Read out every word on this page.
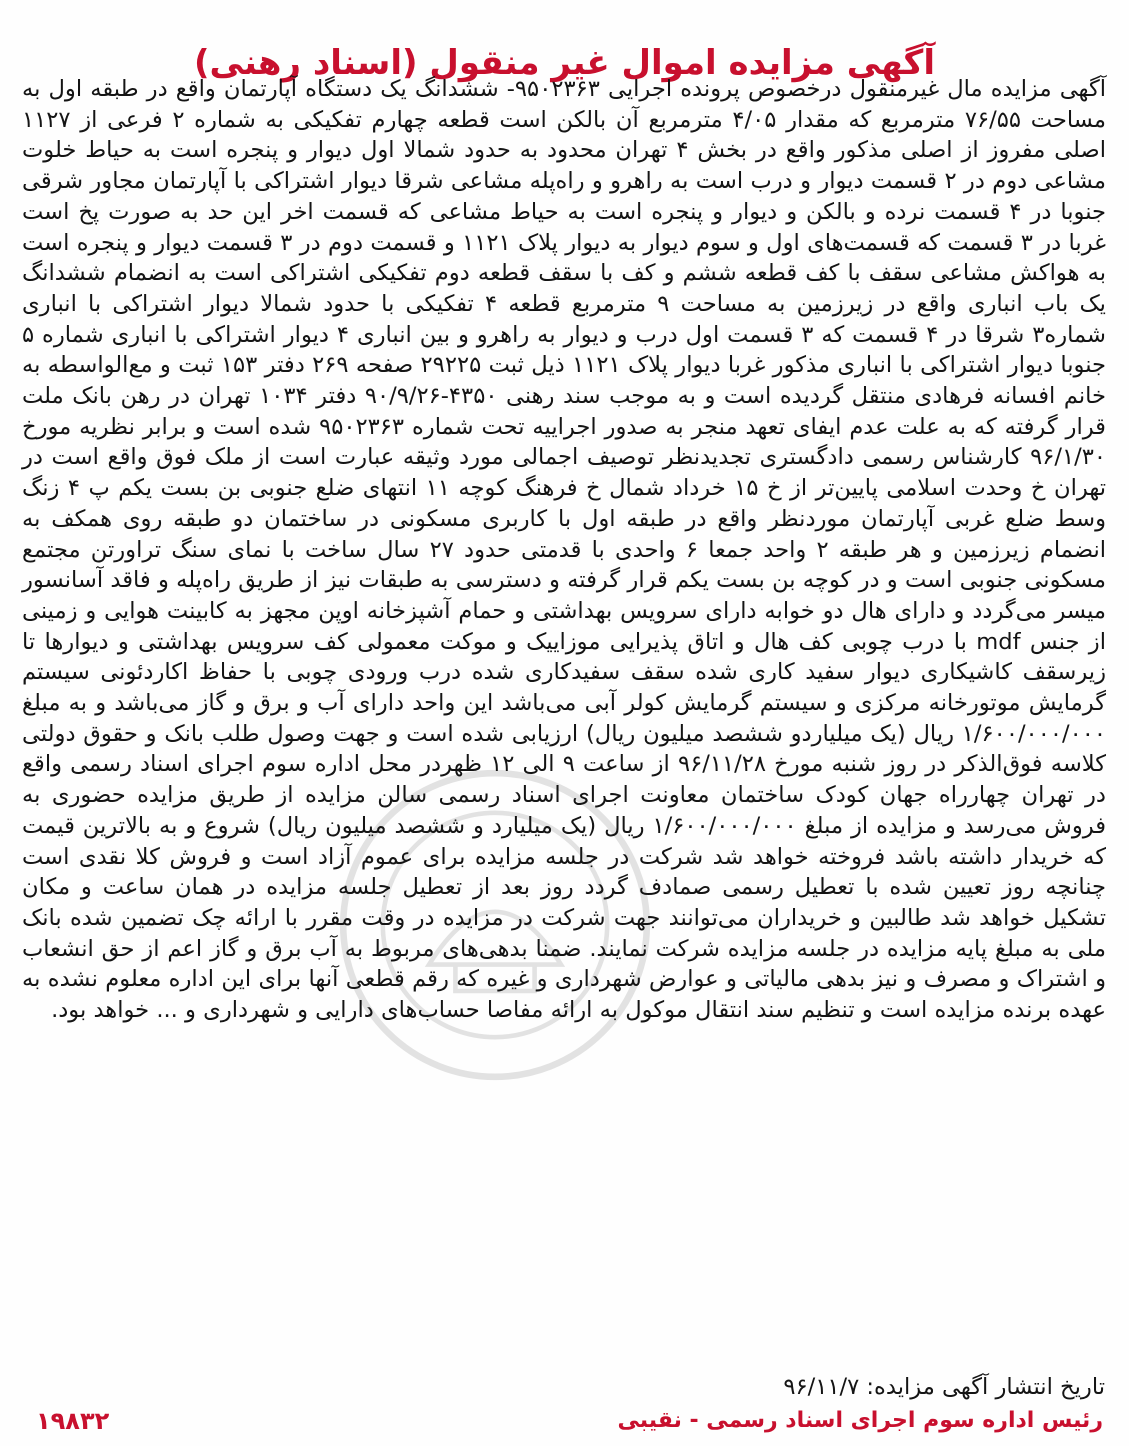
آگهی مزایده اموال غیر منقول (اسناد رهنی)
آگهی مزایده مال غیرمنقول درخصوص پرونده اجرایی ۹۵۰۲۳۶۳- ششدانگ یک دستگاه آپارتمان واقع در طبقه اول به مساحت ۷۶/۵۵ مترمربع که مقدار ۴/۰۵ مترمربع آن بالکن است قطعه چهارم تفکیکی به شماره ۲ فرعی از ۱۱۲۷ اصلی مفروز از اصلی مذکور واقع در بخش ۴ تهران محدود به حدود شمالا اول دیوار و پنجره است به حیاط خلوت مشاعی دوم در ۲ قسمت دیوار و درب است به راهرو و راه‌پله مشاعی شرقا دیوار اشتراکی با آپارتمان مجاور شرقی جنوبا در ۴ قسمت نرده و بالکن و دیوار و پنجره است به حیاط مشاعی که قسمت اخر این حد به صورت پخ است غربا در ۳ قسمت که قسمت‌های اول و سوم دیوار به دیوار پلاک ۱۱۲۱ و قسمت دوم در ۳ قسمت دیوار و پنجره است به هواکش مشاعی سقف با کف قطعه ششم و کف با سقف قطعه دوم تفکیکی اشتراکی است به انضمام ششدانگ یک باب انباری واقع در زیرزمین به مساحت ۹ مترمربع قطعه ۴ تفکیکی با حدود شمالا دیوار اشتراکی با انباری شماره۳ شرقا در ۴ قسمت که ۳ قسمت اول درب و دیوار به راهرو و بین انباری ۴ دیوار اشتراکی با انباری شماره ۵ جنوبا دیوار اشتراکی با انباری مذکور غربا دیوار پلاک ۱۱۲۱ ذیل ثبت ۲۹۲۲۵ صفحه ۲۶۹ دفتر ۱۵۳ ثبت و مع‌الواسطه به خانم افسانه فرهادی منتقل گردیده است و به موجب سند رهنی ۴۳۵۰-۹۰/۹/۲۶ دفتر ۱۰۳۴ تهران در رهن بانک ملت قرار گرفته که به علت عدم ایفای تعهد منجر به صدور اجراییه تحت شماره ۹۵۰۲۳۶۳ شده است و برابر نظریه مورخ ۹۶/۱/۳۰ کارشناس رسمی دادگستری تجدیدنظر توصیف اجمالی مورد وثیقه عبارت است از ملک فوق واقع است در تهران خ وحدت اسلامی پایین‌تر از خ ۱۵ خرداد شمال خ فرهنگ کوچه ۱۱ انتهای ضلع جنوبی بن بست یکم پ ۴ زنگ وسط ضلع غربی آپارتمان موردنظر واقع در طبقه اول با کاربری مسکونی در ساختمان دو طبقه روی همکف به انضمام زیرزمین و هر طبقه ۲ واحد جمعا ۶ واحدی با قدمتی حدود ۲۷ سال ساخت با نمای سنگ تراورتن مجتمع مسکونی جنوبی است و در کوچه بن بست یکم قرار گرفته و دسترسی به طبقات نیز از طریق راه‌پله و فاقد آسانسور میسر می‌گردد و دارای هال دو خوابه دارای سرویس بهداشتی و حمام آشپزخانه اوپن مجهز به کابینت هوایی و زمینی از جنس mdf با درب چوبی کف هال و اتاق پذیرایی موزاییک و موکت معمولی کف سرویس بهداشتی و دیوارها تا زیرسقف کاشیکاری دیوار سفید کاری شده سقف سفیدکاری شده درب ورودی چوبی با حفاظ اکاردئونی سیستم گرمایش موتورخانه مرکزی و سیستم گرمایش کولر آبی می‌باشد این واحد دارای آب و برق و گاز می‌باشد و به مبلغ ۱/۶۰۰/۰۰۰/۰۰۰ ریال (یک میلیاردو ششصد میلیون ریال) ارزیابی شده است و جهت وصول طلب بانک و حقوق دولتی کلاسه فوق‌الذکر در روز شنبه مورخ ۹۶/۱۱/۲۸ از ساعت ۹ الی ۱۲ ظهردر محل اداره سوم اجرای اسناد رسمی واقع در تهران چهارراه جهان کودک ساختمان معاونت اجرای اسناد رسمی سالن مزایده از طریق مزایده حضوری به فروش می‌رسد و مزایده از مبلغ ۱/۶۰۰/۰۰۰/۰۰۰ ریال (یک میلیارد و ششصد میلیون ریال) شروع و به بالاترین قیمت که خریدار داشته باشد فروخته خواهد شد شرکت در جلسه مزایده برای عموم آزاد است و فروش کلا نقدی است چنانچه روز تعیین شده با تعطیل رسمی صمادف گردد روز بعد از تعطیل جلسه مزایده در همان ساعت و مکان تشکیل خواهد شد طالبین و خریداران می‌توانند جهت شرکت در مزایده در وقت مقرر با ارائه چک تضمین شده بانک ملی به مبلغ پایه مزایده در جلسه مزایده شرکت نمایند. ضمنا بدهی‌های مربوط به آب برق و گاز اعم از حق انشعاب و اشتراک و مصرف و نیز بدهی مالیاتی و عوارض شهرداری و غیره که رقم قطعی آنها برای این اداره معلوم نشده به عهده برنده مزایده است و تنظیم سند انتقال موکول به ارائه مفاصا حساب‌های دارایی و شهرداری و ... خواهد بود.
تاریخ انتشار آگهی مزایده: ۹۶/۱۱/۷
رئیس اداره سوم اجرای اسناد رسمی - نقیبی
۱۹۸۳۲
